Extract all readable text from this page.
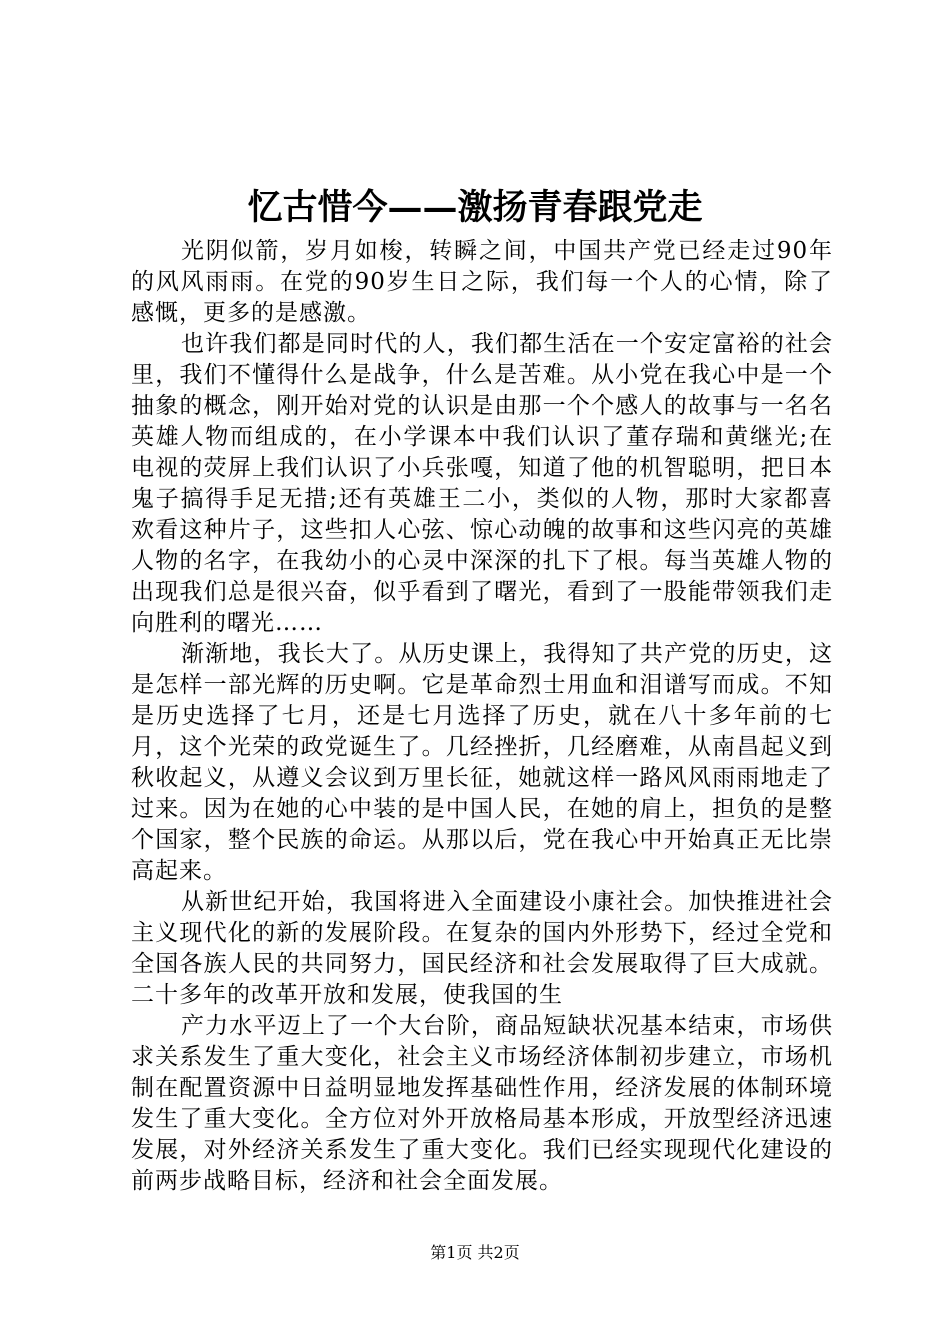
忆古惜今——激扬青春跟党走

光阴似箭，岁月如梭，转瞬之间，中国共产党已经走过90年的风风雨雨。在党的90岁生日之际，我们每一个人的心情，除了感慨，更多的是感激。

也许我们都是同时代的人，我们都生活在一个安定富裕的社会里，我们不懂得什么是战争，什么是苦难。从小党在我心中是一个抽象的概念，刚开始对党的认识是由那一个个感人的故事与一名名英雄人物而组成的，在小学课本中我们认识了董存瑞和黄继光;在电视的荧屏上我们认识了小兵张嘎，知道了他的机智聪明，把日本鬼子搞得手足无措;还有英雄王二小，类似的人物，那时大家都喜欢看这种片子，这些扣人心弦、惊心动魄的故事和这些闪亮的英雄人物的名字，在我幼小的心灵中深深的扎下了根。每当英雄人物的出现我们总是很兴奋，似乎看到了曙光，看到了一股能带领我们走向胜利的曙光……

渐渐地，我长大了。从历史课上，我得知了共产党的历史，这是怎样一部光辉的历史啊。它是革命烈士用血和泪谱写而成。不知是历史选择了七月，还是七月选择了历史，就在八十多年前的七月，这个光荣的政党诞生了。几经挫折，几经磨难，从南昌起义到秋收起义，从遵义会议到万里长征，她就这样一路风风雨雨地走了过来。因为在她的心中装的是中国人民，在她的肩上，担负的是整个国家，整个民族的命运。从那以后，党在我心中开始真正无比崇高起来。

从新世纪开始，我国将进入全面建设小康社会。加快推进社会主义现代化的新的发展阶段。在复杂的国内外形势下，经过全党和全国各族人民的共同努力，国民经济和社会发展取得了巨大成就。二十多年的改革开放和发展，使我国的生

产力水平迈上了一个大台阶，商品短缺状况基本结束，市场供求关系发生了重大变化，社会主义市场经济体制初步建立，市场机制在配置资源中日益明显地发挥基础性作用，经济发展的体制环境发生了重大变化。全方位对外开放格局基本形成，开放型经济迅速发展，对外经济关系发生了重大变化。我们已经实现现代化建设的前两步战略目标，经济和社会全面发展。

第1页 共2页
